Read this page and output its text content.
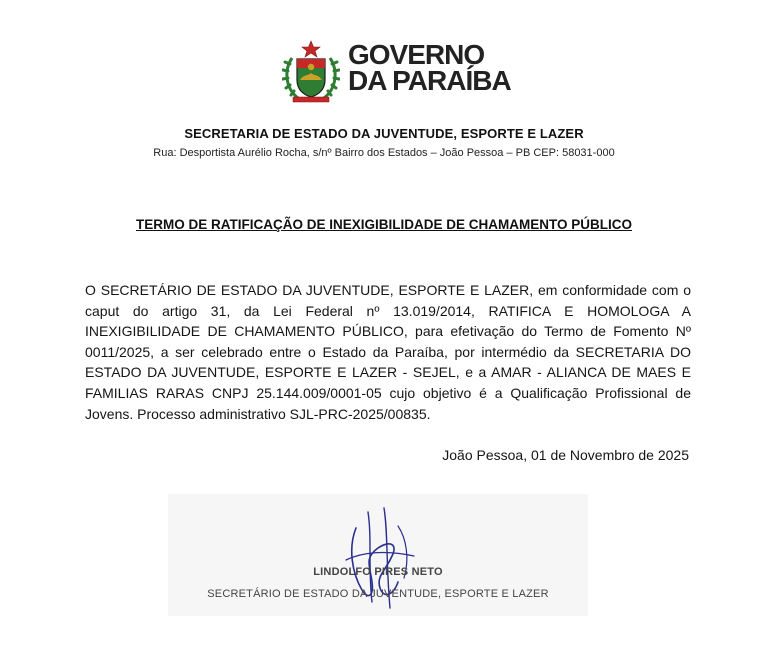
GOVERNO
DA PARAÍBA
SECRETARIA DE ESTADO DA JUVENTUDE, ESPORTE E LAZER
Rua: Desportista Aurélio Rocha, s/nº Bairro dos Estados – João Pessoa – PB CEP: 58031-000
TERMO DE RATIFICAÇÃO DE INEXIGIBILIDADE DE CHAMAMENTO PÚBLICO
O SECRETÁRIO DE ESTADO DA JUVENTUDE, ESPORTE E LAZER, em conformidade com o caput do artigo 31, da Lei Federal nº 13.019/2014, RATIFICA E HOMOLOGA A INEXIGIBILIDADE DE CHAMAMENTO PÚBLICO, para efetivação do Termo de Fomento Nº 0011/2025, a ser celebrado entre o Estado da Paraíba, por intermédio da SECRETARIA DO ESTADO DA JUVENTUDE, ESPORTE E LAZER - SEJEL, e a AMAR - ALIANCA DE MAES E FAMILIAS RARAS CNPJ 25.144.009/0001-05 cujo objetivo é a Qualificação Profissional de Jovens. Processo administrativo SJL-PRC-2025/00835.
João Pessoa, 01 de Novembro de 2025
LINDOLFO PIRES NETO
SECRETÁRIO DE ESTADO DA JUVENTUDE, ESPORTE E LAZER
